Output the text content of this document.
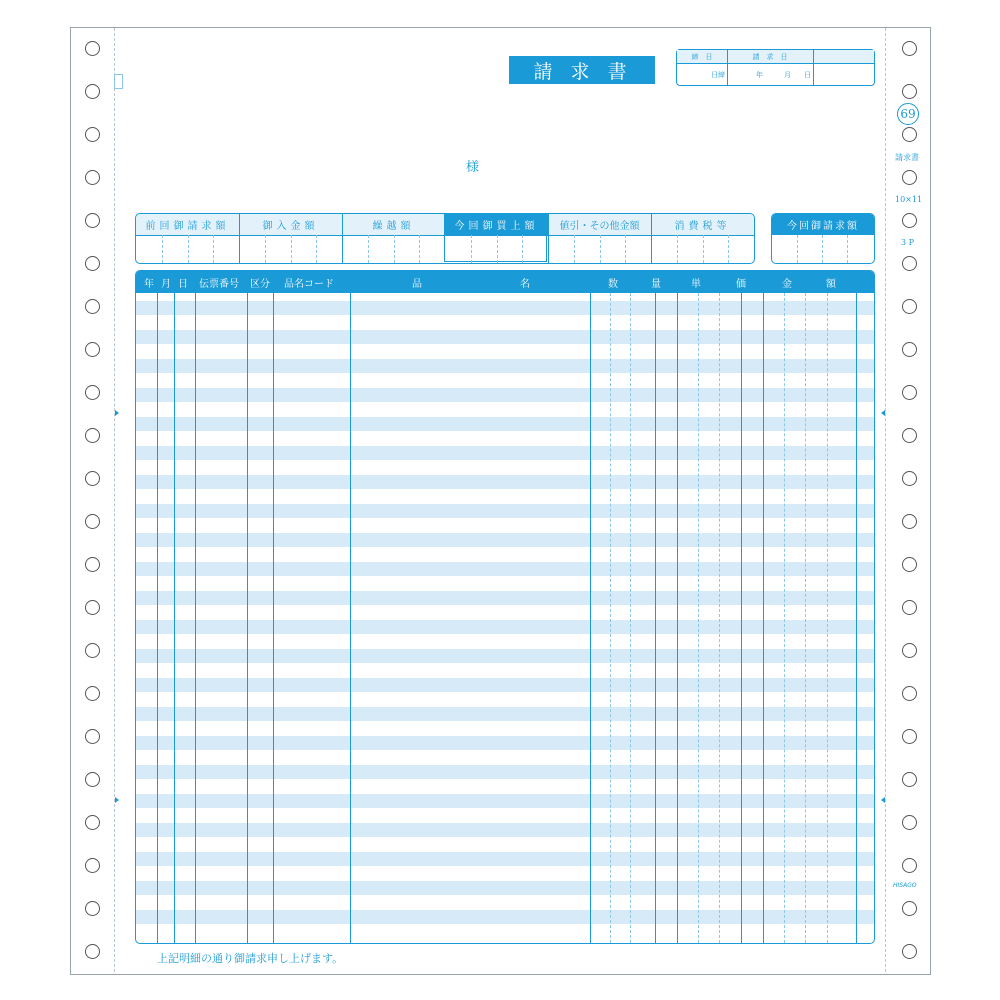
請求書
締　日	請　求　日
日締	年	月	日
様
前回御請求額	御入金額	繰越額	今回御買上額	値引・その他金額	消費税等	今回御請求額
年 月 日 伝票番号 区分 品名コード	品	名	数	量	単	価	金	額
上記明細の通り御請求申し上げます。
69
請求書
10×11
3 P
HISAGO
